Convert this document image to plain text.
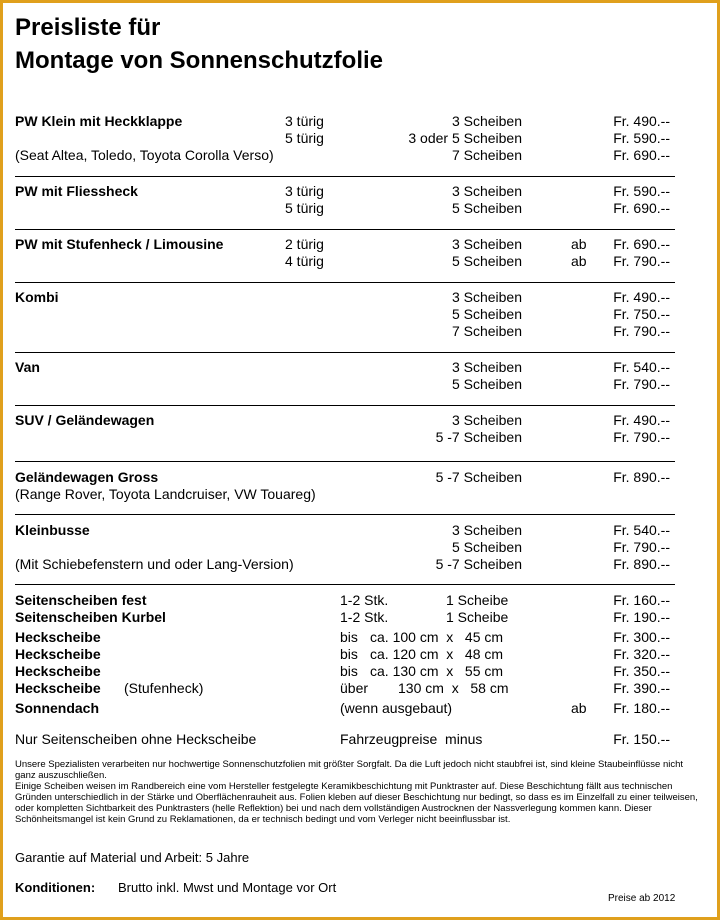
Preisliste für
Montage von Sonnenschutzfolie
PW Klein mit Heckklappe	3 türig	3 Scheiben	Fr. 490.--
5 türig	3 oder 5 Scheiben	Fr. 590.--
(Seat Altea, Toledo, Toyota Corolla Verso)	7 Scheiben	Fr. 690.--
PW mit Fliessheck	3 türig	3 Scheiben	Fr. 590.--
5 türig	5 Scheiben	Fr. 690.--
PW mit Stufenheck / Limousine	2 türig	3 Scheiben	ab	Fr. 690.--
4 türig	5 Scheiben	ab	Fr. 790.--
Kombi	3 Scheiben	Fr. 490.--
5 Scheiben	Fr. 750.--
7 Scheiben	Fr. 790.--
Van	3 Scheiben	Fr. 540.--
5 Scheiben	Fr. 790.--
SUV / Geländewagen	3 Scheiben	Fr. 490.--
5 -7 Scheiben	Fr. 790.--
Geländewagen Gross	5 -7 Scheiben	Fr. 890.--
(Range Rover, Toyota Landcruiser, VW Touareg)
Kleinbusse	3 Scheiben	Fr. 540.--
5 Scheiben	Fr. 790.--
(Mit Schiebefenstern und oder Lang-Version)	5 -7 Scheiben	Fr. 890.--
Seitenscheiben fest	1-2 Stk.	1 Scheibe	Fr. 160.--
Seitenscheiben Kurbel	1-2 Stk.	1 Scheibe	Fr. 190.--
Heckscheibe	bis ca. 100 cm  x   45 cm	Fr. 300.--
Heckscheibe	bis ca. 120 cm  x   48 cm	Fr. 320.--
Heckscheibe	bis ca. 130 cm  x   55 cm	Fr. 350.--
Heckscheibe (Stufenheck)	über 130 cm  x   58 cm	Fr. 390.--
Sonnendach	(wenn ausgebaut)	ab	Fr. 180.--
Nur Seitenscheiben ohne Heckscheibe	Fahrzeugpreise  minus	Fr. 150.--
Unsere Spezialisten verarbeiten nur hochwertige Sonnenschutzfolien mit größter Sorgfalt. Da die Luft jedoch nicht staubfrei ist, sind kleine Staubeinflüsse nicht ganz auszuschließen.
Einige Scheiben weisen im Randbereich eine vom Hersteller festgelegte Keramikbeschichtung mit Punktraster auf. Diese Beschichtung fällt aus technischen Gründen unterschiedlich in der Stärke und Oberflächenrauheit aus. Folien kleben auf dieser Beschichtung nur bedingt, so dass es im Einzelfall zu einer teilweisen, oder kompletten Sichtbarkeit des Punktrasters (helle Reflektion) bei und nach dem vollständigen Austrocknen der Nassverlegung kommen kann. Dieser Schönheitsmangel ist kein Grund zu Reklamationen, da er technisch bedingt und vom Verleger nicht beeinflussbar ist.
Garantie auf Material und Arbeit: 5 Jahre
Konditionen: Brutto inkl. Mwst und Montage vor Ort
Preise ab 2012
